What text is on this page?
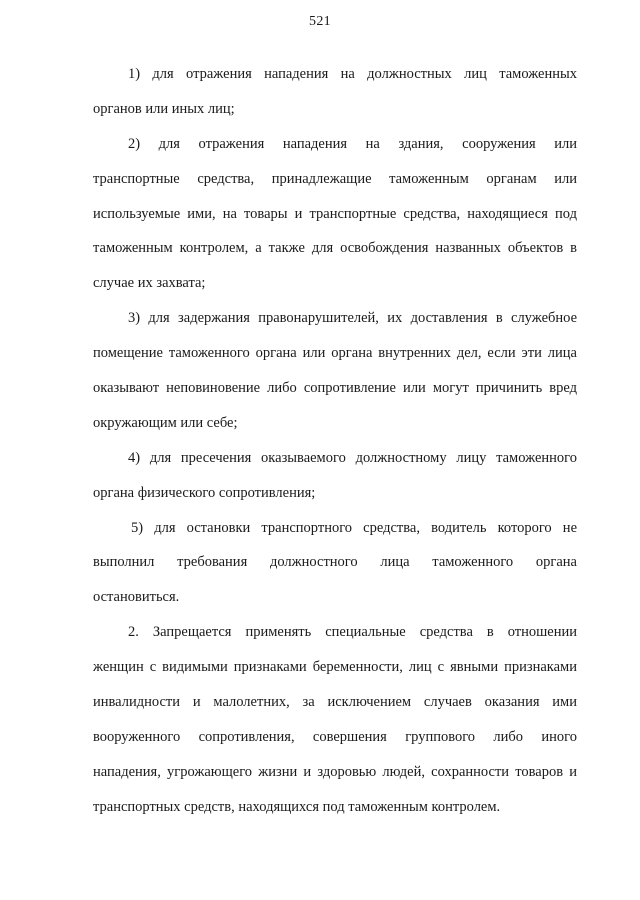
521
1) для отражения нападения на должностных лиц таможенных
органов или иных лиц;
2) для отражения нападения на здания, сооружения или
транспортные средства, принадлежащие таможенным органам или
используемые ими, на товары и транспортные средства, находящиеся под
таможенным контролем, а также для освобождения названных объектов в
случае их захвата;
3) для задержания правонарушителей, их доставления в служебное
помещение таможенного органа или органа внутренних дел, если эти лица
оказывают неповиновение либо сопротивление или могут причинить вред
окружающим или себе;
4) для пресечения оказываемого должностному лицу таможенного
органа физического сопротивления;
5) для остановки транспортного средства, водитель которого не
выполнил требования должностного лица таможенного органа
остановиться.
2. Запрещается применять специальные средства в отношении
женщин с видимыми признаками беременности, лиц с явными признаками
инвалидности и малолетних, за исключением случаев оказания ими
вооруженного сопротивления, совершения группового либо иного
нападения, угрожающего жизни и здоровью людей, сохранности товаров и
транспортных средств, находящихся под таможенным контролем.
